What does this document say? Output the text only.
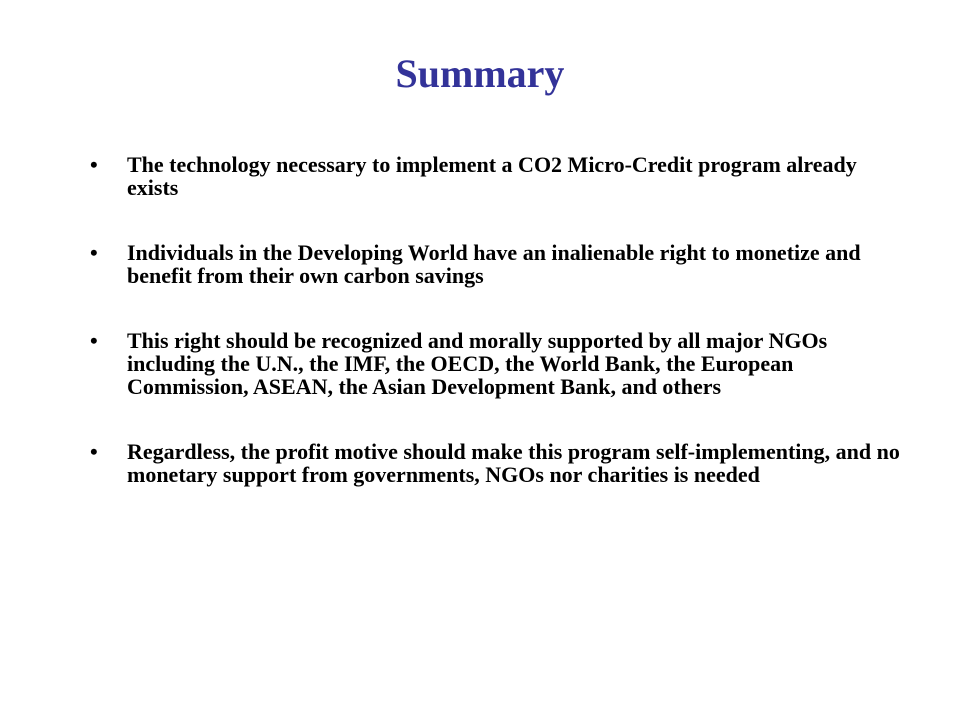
Summary
• The technology necessary to implement a CO2 Micro-Credit program already exists
• Individuals in the Developing World have an inalienable right to monetize and benefit from their own carbon savings
• This right should be recognized and morally supported by all major NGOs including the U.N., the IMF, the OECD, the World Bank, the European Commission, ASEAN, the Asian Development Bank, and others
• Regardless, the profit motive should make this program self-implementing, and no monetary support from governments, NGOs nor charities is needed
